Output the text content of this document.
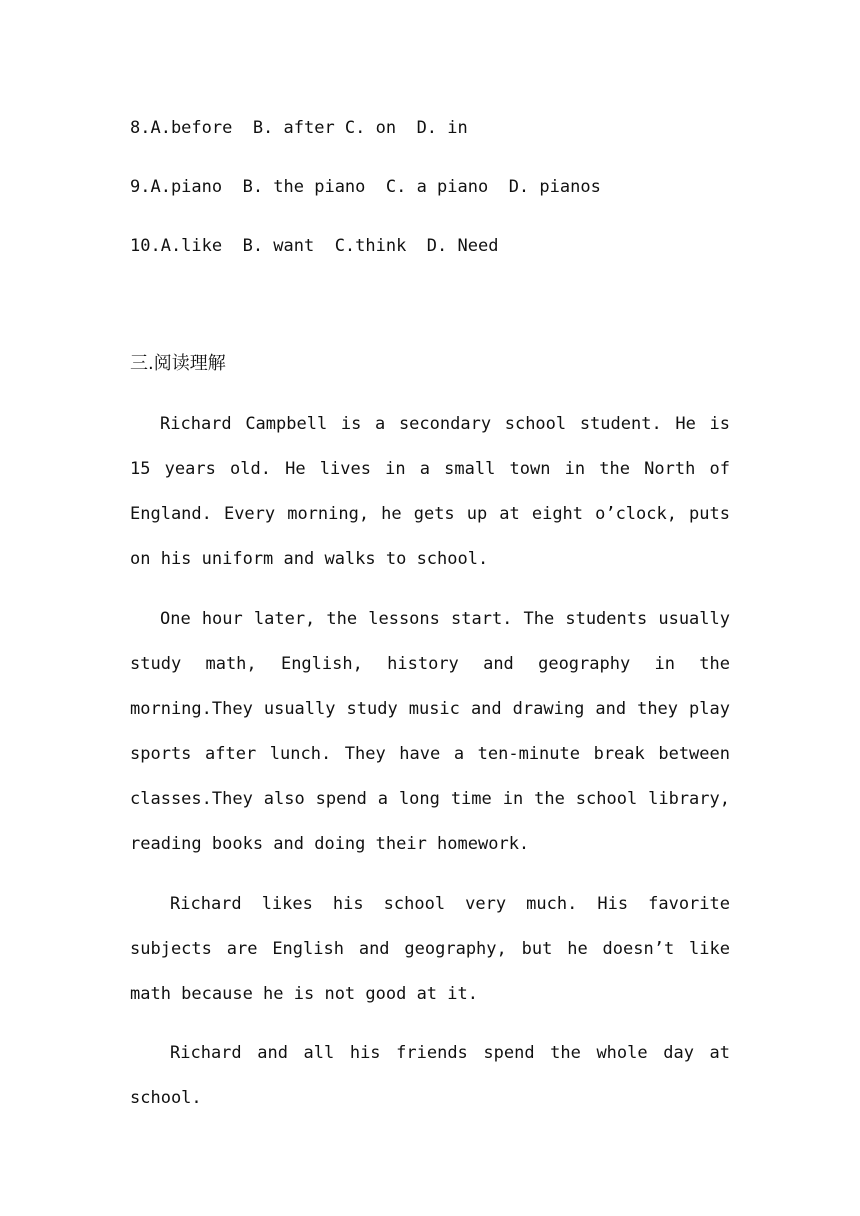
8.A.before  B. after C. on  D. in
9.A.piano  B. the piano  C. a piano  D. pianos
10.A.like  B. want  C.think  D. Need
三.阅读理解

Richard Campbell is a secondary school student. He is 15 years old. He lives in a small town in the North of England. Every morning, he gets up at eight o’clock, puts on his uniform and walks to school.

One hour later, the lessons start. The students usually study math, English, history and geography in the morning.They usually study music and drawing and they play sports after lunch. They have a ten-minute break between classes.They also spend a long time in the school library, reading books and doing their homework.

Richard likes his school very much. His favorite subjects are English and geography, but he doesn’t like math because he is not good at it.

Richard and all his friends spend the whole day at school.
